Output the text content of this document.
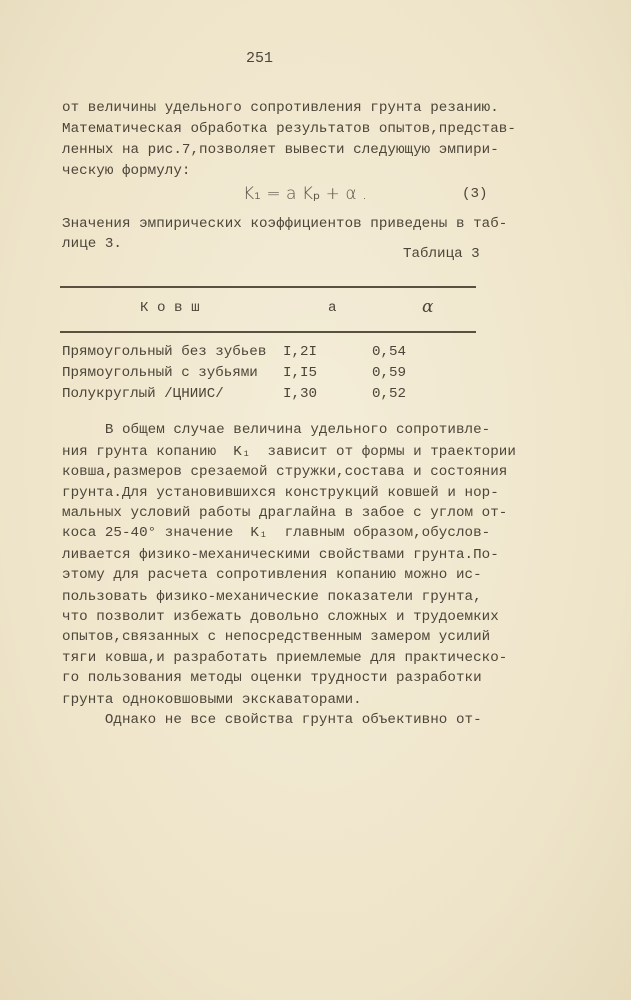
251
от величины удельного сопротивления грунта резанию.
Математическая обработка результатов опытов,представ-
ленных на рис.7,позволяет вывести следующую эмпири-
ческую формулу:
K₁ = a Kₚ + α .	(3)
Значения эмпирических коэффициентов приведены в таб-
лице 3.
Таблица 3
К о в ш	a	α
Прямоугольный без зубьев I,2I	0,54
Прямоугольный с зубьями I,I5	0,59
Полукруглый /ЦНИИС/	I,30	0,52
В общем случае величина удельного сопротивле-
ния грунта копанию  K₁  зависит от формы и траектории
ковша,размеров срезаемой стружки,состава и состояния
грунта.Для установившихся конструкций ковшей и нор-
мальных условий работы драглайна в забое с углом от-
коса 25-40° значение  K₁  главным образом,обуслов-
ливается физико-механическими свойствами грунта.По-
этому для расчета сопротивления копанию можно ис-
пользовать физико-механические показатели грунта,
что позволит избежать довольно сложных и трудоемких
опытов,связанных с непосредственным замером усилий
тяги ковша,и разработать приемлемые для практическо-
го пользования методы оценки трудности разработки
грунта одноковшовыми экскаваторами.
Однако не все свойства грунта объективно от-
